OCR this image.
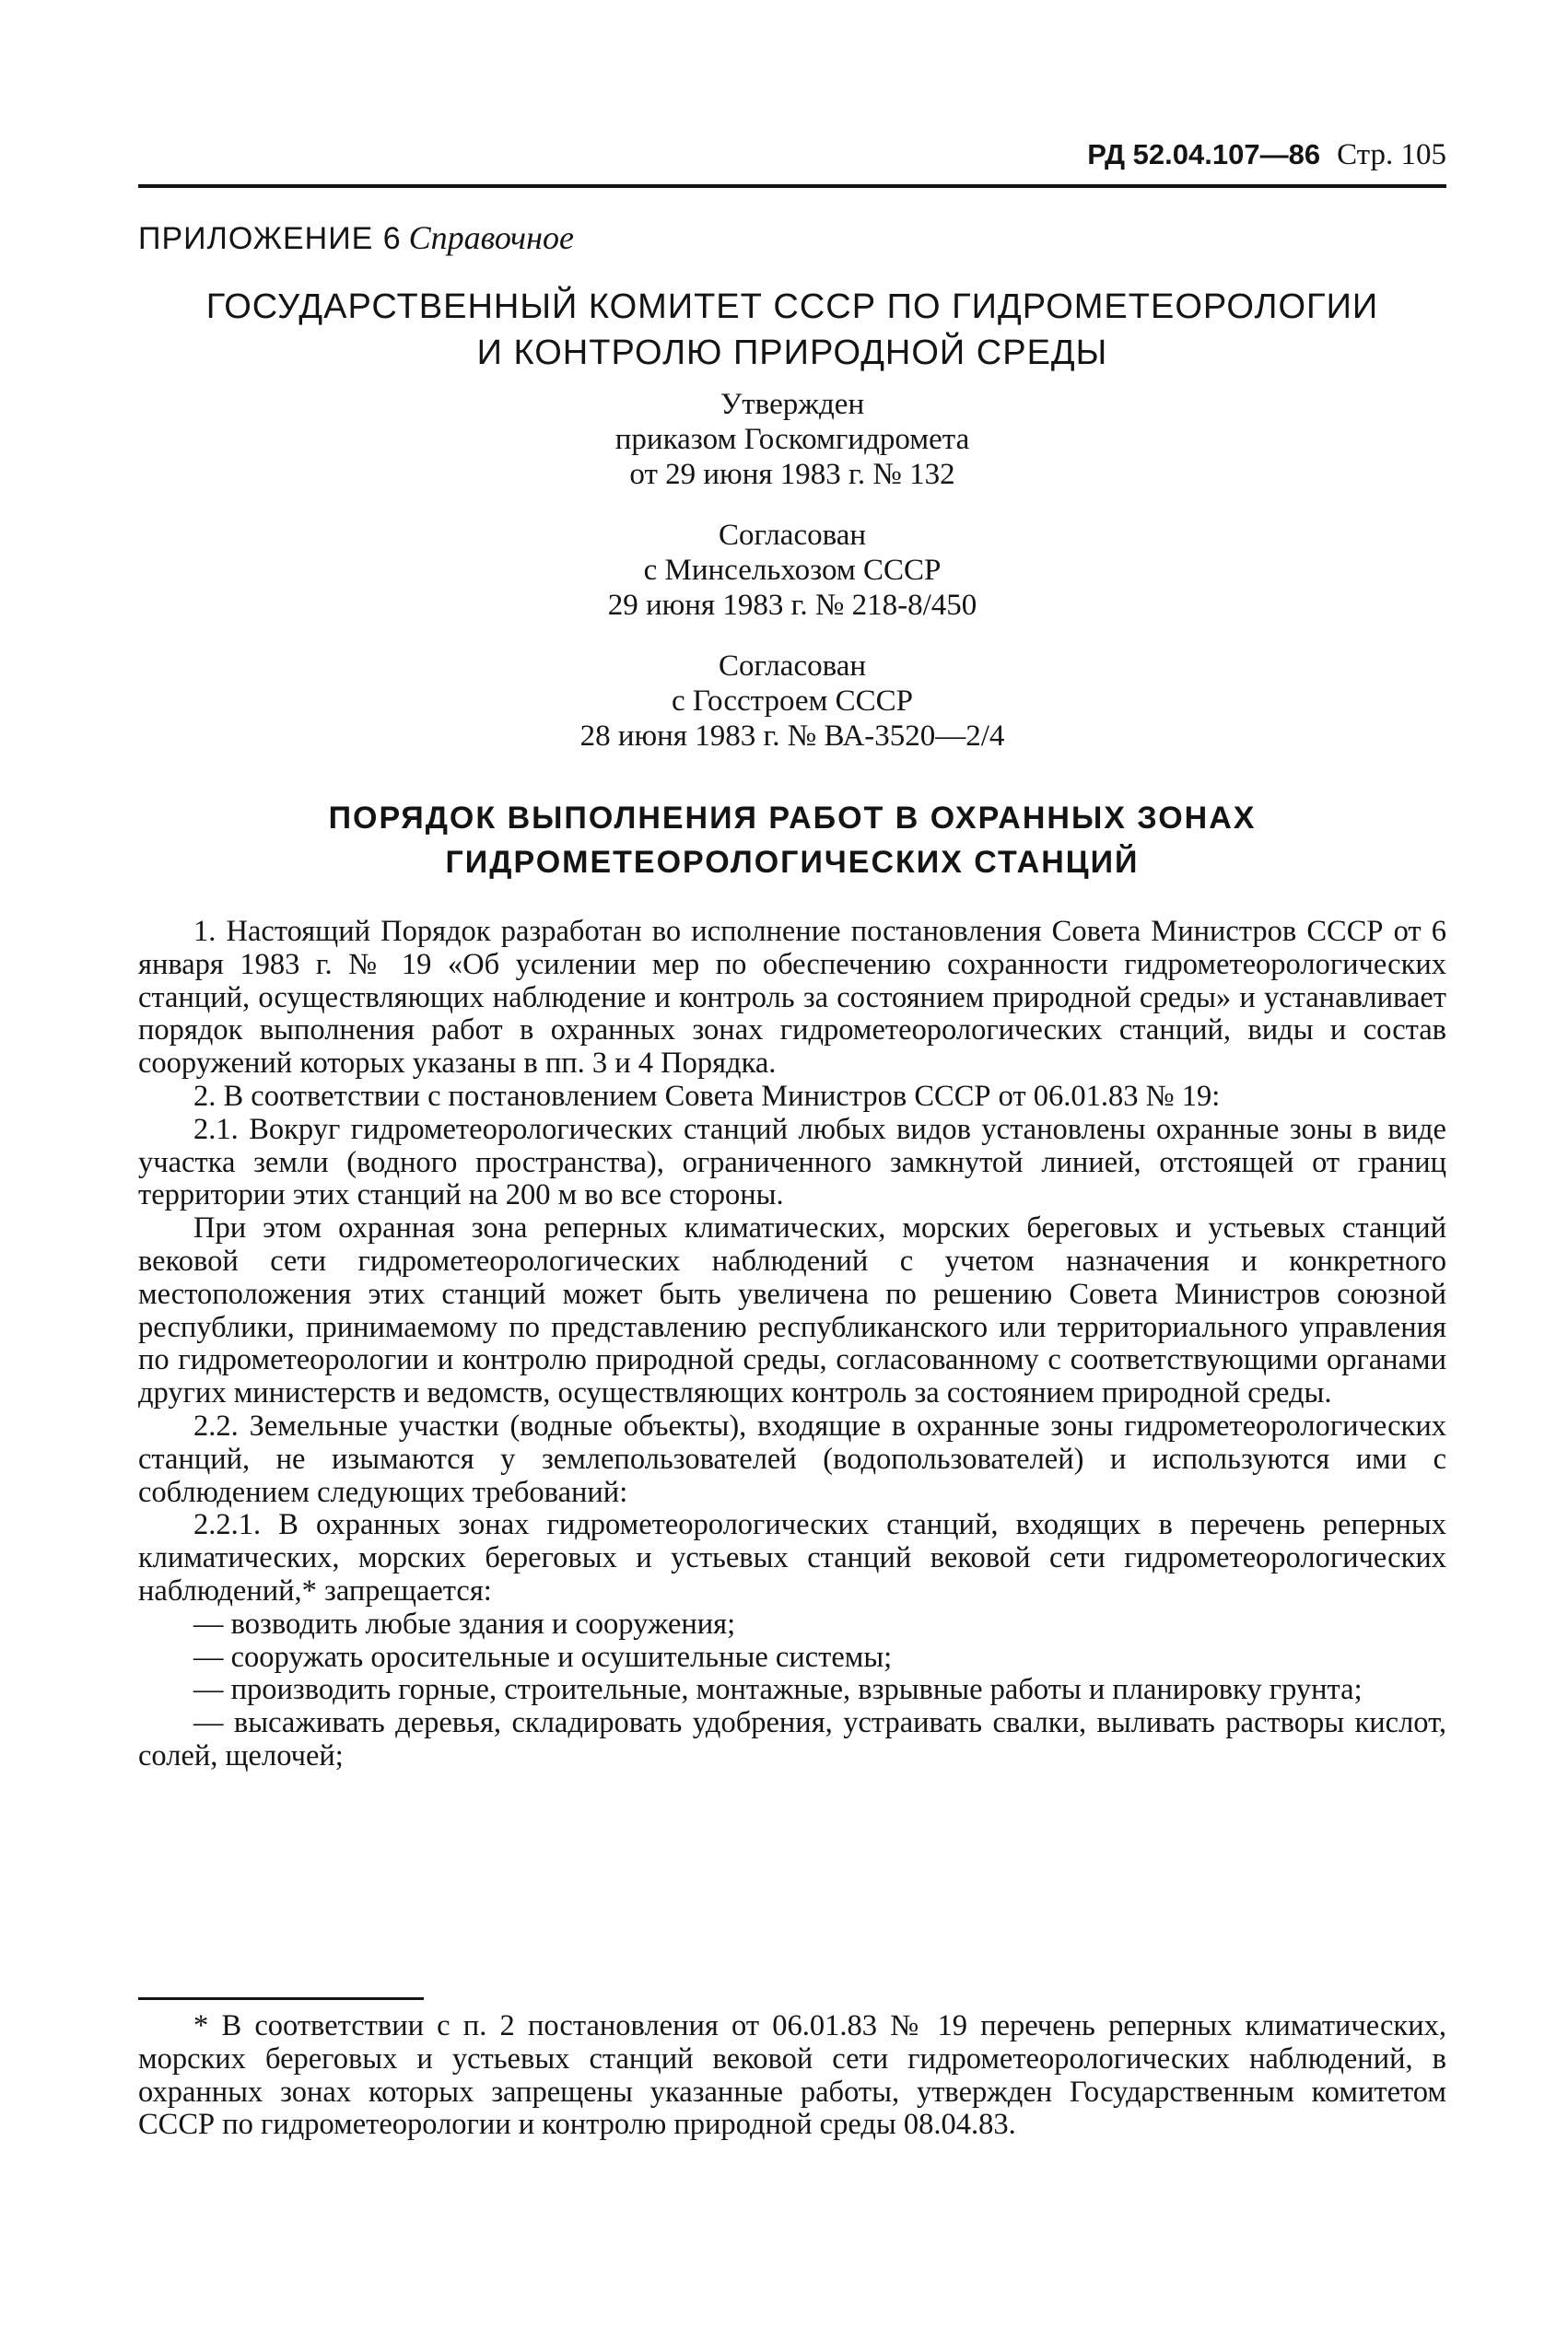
РД 52.04.107—86 Стр. 105
ПРИЛОЖЕНИЕ 6 Справочное
ГОСУДАРСТВЕННЫЙ КОМИТЕТ СССР ПО ГИДРОМЕТЕОРОЛОГИИ
И КОНТРОЛЮ ПРИРОДНОЙ СРЕДЫ
Утвержден
приказом Госкомгидромета
от 29 июня 1983 г. № 132
Согласован
с Минсельхозом СССР
29 июня 1983 г. № 218-8/450
Согласован
с Госстроем СССР
28 июня 1983 г. № ВА-3520—2/4
ПОРЯДОК ВЫПОЛНЕНИЯ РАБОТ В ОХРАННЫХ ЗОНАХ
ГИДРОМЕТЕОРОЛОГИЧЕСКИХ СТАНЦИЙ

1. Настоящий Порядок разработан во исполнение постановления Совета Министров СССР от 6 января 1983 г. № 19 «Об усилении мер по обеспечению сохранности гидрометеорологических станций, осуществляющих наблюдение и контроль за состоянием природной среды» и устанавливает порядок выполнения работ в охранных зонах гидрометеорологических станций, виды и состав сооружений которых указаны в пп. 3 и 4 Порядка.

2. В соответствии с постановлением Совета Министров СССР от 06.01.83 № 19:

2.1. Вокруг гидрометеорологических станций любых видов установлены охранные зоны в виде участка земли (водного пространства), ограниченного замкнутой линией, отстоящей от границ территории этих станций на 200 м во все стороны.

При этом охранная зона реперных климатических, морских береговых и устьевых станций вековой сети гидрометеорологических наблюдений с учетом назначения и конкретного местоположения этих станций может быть увеличена по решению Совета Министров союзной республики, принимаемому по представлению республиканского или территориального управления по гидрометеорологии и контролю природной среды, согласованному с соответствующими органами других министерств и ведомств, осуществляющих контроль за состоянием природной среды.

2.2. Земельные участки (водные объекты), входящие в охранные зоны гидрометеорологических станций, не изымаются у землепользователей (водопользователей) и используются ими с соблюдением следующих требований:

2.2.1. В охранных зонах гидрометеорологических станций, входящих в перечень реперных климатических, морских береговых и устьевых станций вековой сети гидрометеорологических наблюдений,* запрещается:

— возводить любые здания и сооружения;

— сооружать оросительные и осушительные системы;

— производить горные, строительные, монтажные, взрывные работы и планировку грунта;

— высаживать деревья, складировать удобрения, устраивать свалки, выливать растворы кислот, солей, щелочей;

* В соответствии с п. 2 постановления от 06.01.83 № 19 перечень реперных климатических, морских береговых и устьевых станций вековой сети гидрометеорологических наблюдений, в охранных зонах которых запрещены указанные работы, утвержден Государственным комитетом СССР по гидрометеорологии и контролю природной среды 08.04.83.
